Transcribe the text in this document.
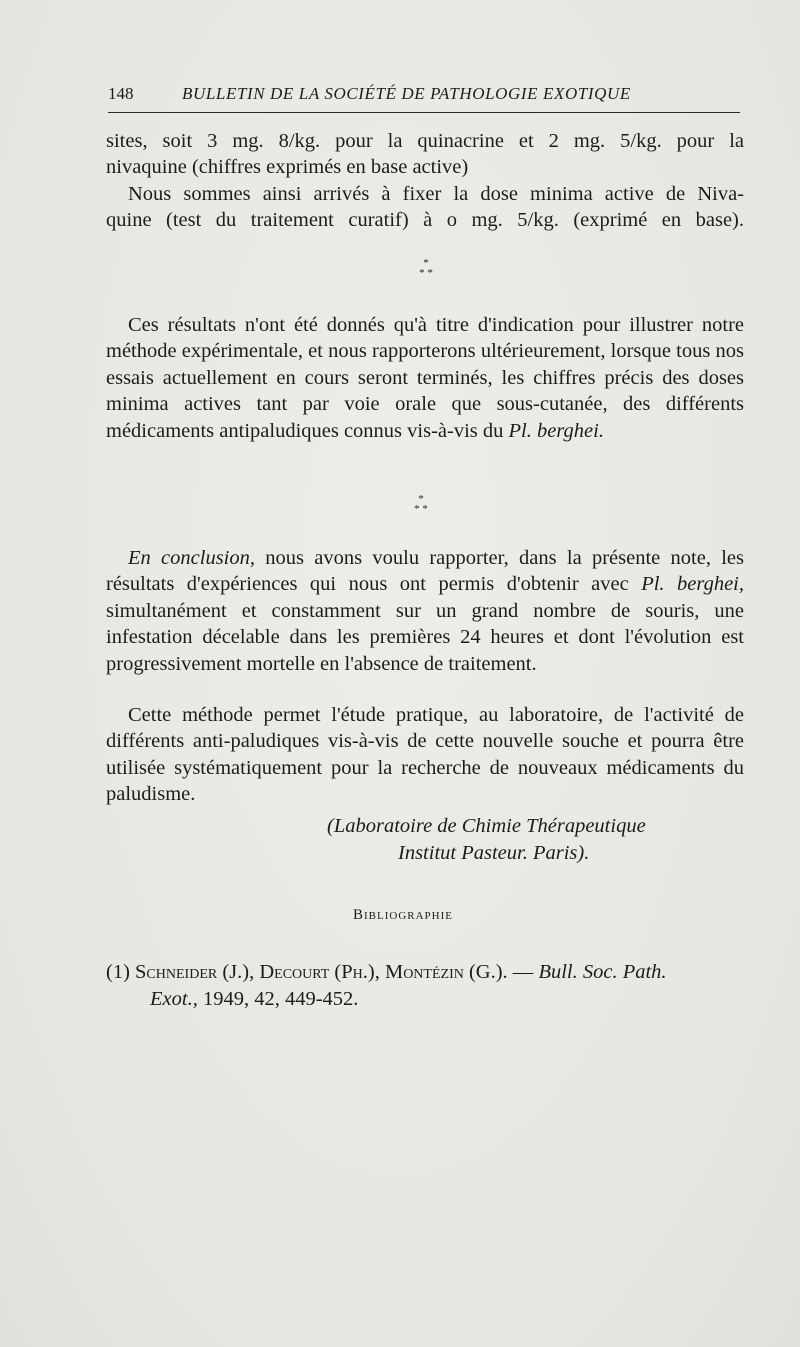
148	BULLETIN DE LA SOCIÉTÉ DE PATHOLOGIE EXOTIQUE
sites, soit 3 mg. 8/kg. pour la quinacrine et 2 mg. 5/kg. pour la
nivaquine (chiffres exprimés en base active)
Nous sommes ainsi arrivés à fixer la dose minima active de Niva-
quine (test du traitement curatif) à o mg. 5/kg. (exprimé en base).
*
* *

Ces résultats n'ont été donnés qu'à titre d'indication pour illustrer notre méthode expérimentale, et nous rapporterons ultérieurement, lorsque tous nos essais actuellement en cours seront terminés, les chiffres précis des doses minima actives tant par voie orale que sous-cutanée, des différents médicaments antipaludiques connus vis-à-vis du Pl. berghei.

*
* *

En conclusion, nous avons voulu rapporter, dans la présente note, les résultats d'expériences qui nous ont permis d'obtenir avec Pl. berghei, simultanément et constamment sur un grand nombre de souris, une infestation décelable dans les premières 24 heures et dont l'évolution est progressivement mortelle en l'absence de traitement.

Cette méthode permet l'étude pratique, au laboratoire, de l'activité de différents anti-paludiques vis-à-vis de cette nouvelle souche et pourra être utilisée systématiquement pour la recherche de nouveaux médicaments du paludisme.

(Laboratoire de Chimie Thérapeutique
Institut Pasteur. Paris).
Bibliographie
(1) Schneider (J.), Decourt (Ph.), Montézin (G.). — Bull. Soc. Path.
Exot., 1949, 42, 449-452.
